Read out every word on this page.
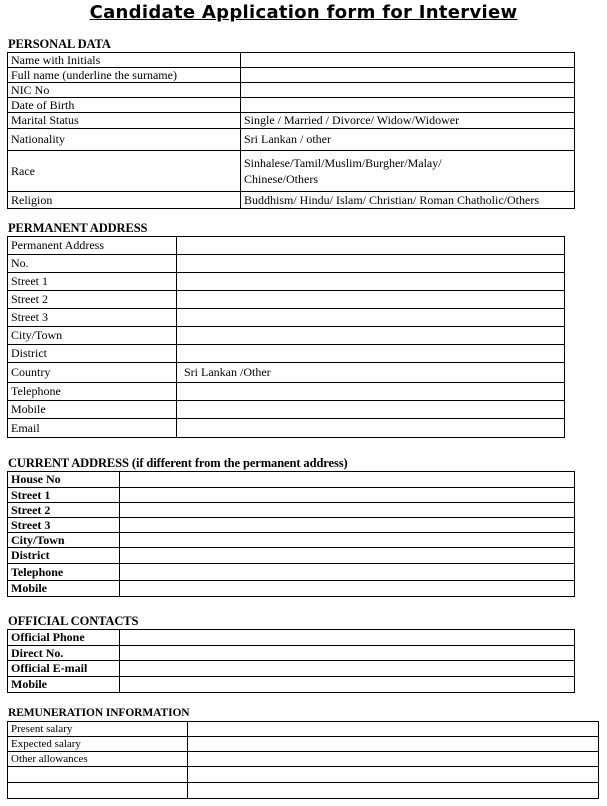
Candidate Application form for Interview
PERSONAL DATA
Name with Initials	
Full name (underline the surname)	
NIC No	
Date of Birth	
Marital Status	Single / Married / Divorce/ Widow/Widower
Nationality	Sri Lankan / other
Race	Sinhalese/Tamil/Muslim/Burgher/Malay/
Chinese/Others

Religion	Buddhism/ Hindu/ Islam/ Christian/ Roman Chatholic/Others
PERMANENT ADDRESS
Permanent Address	
No.	
Street 1	
Street 2	
Street 3	
City/Town	
District	
Country	Sri Lankan /Other
Telephone	
Mobile	
Email	
CURRENT ADDRESS (if different from the permanent address)
House No	
Street 1	
Street 2	
Street 3	
City/Town	
District	
Telephone	
Mobile	
OFFICIAL CONTACTS
Official Phone	
Direct No.	
Official E-mail	
Mobile	
REMUNERATION INFORMATION
Present salary	
Expected salary	
Other allowances	
